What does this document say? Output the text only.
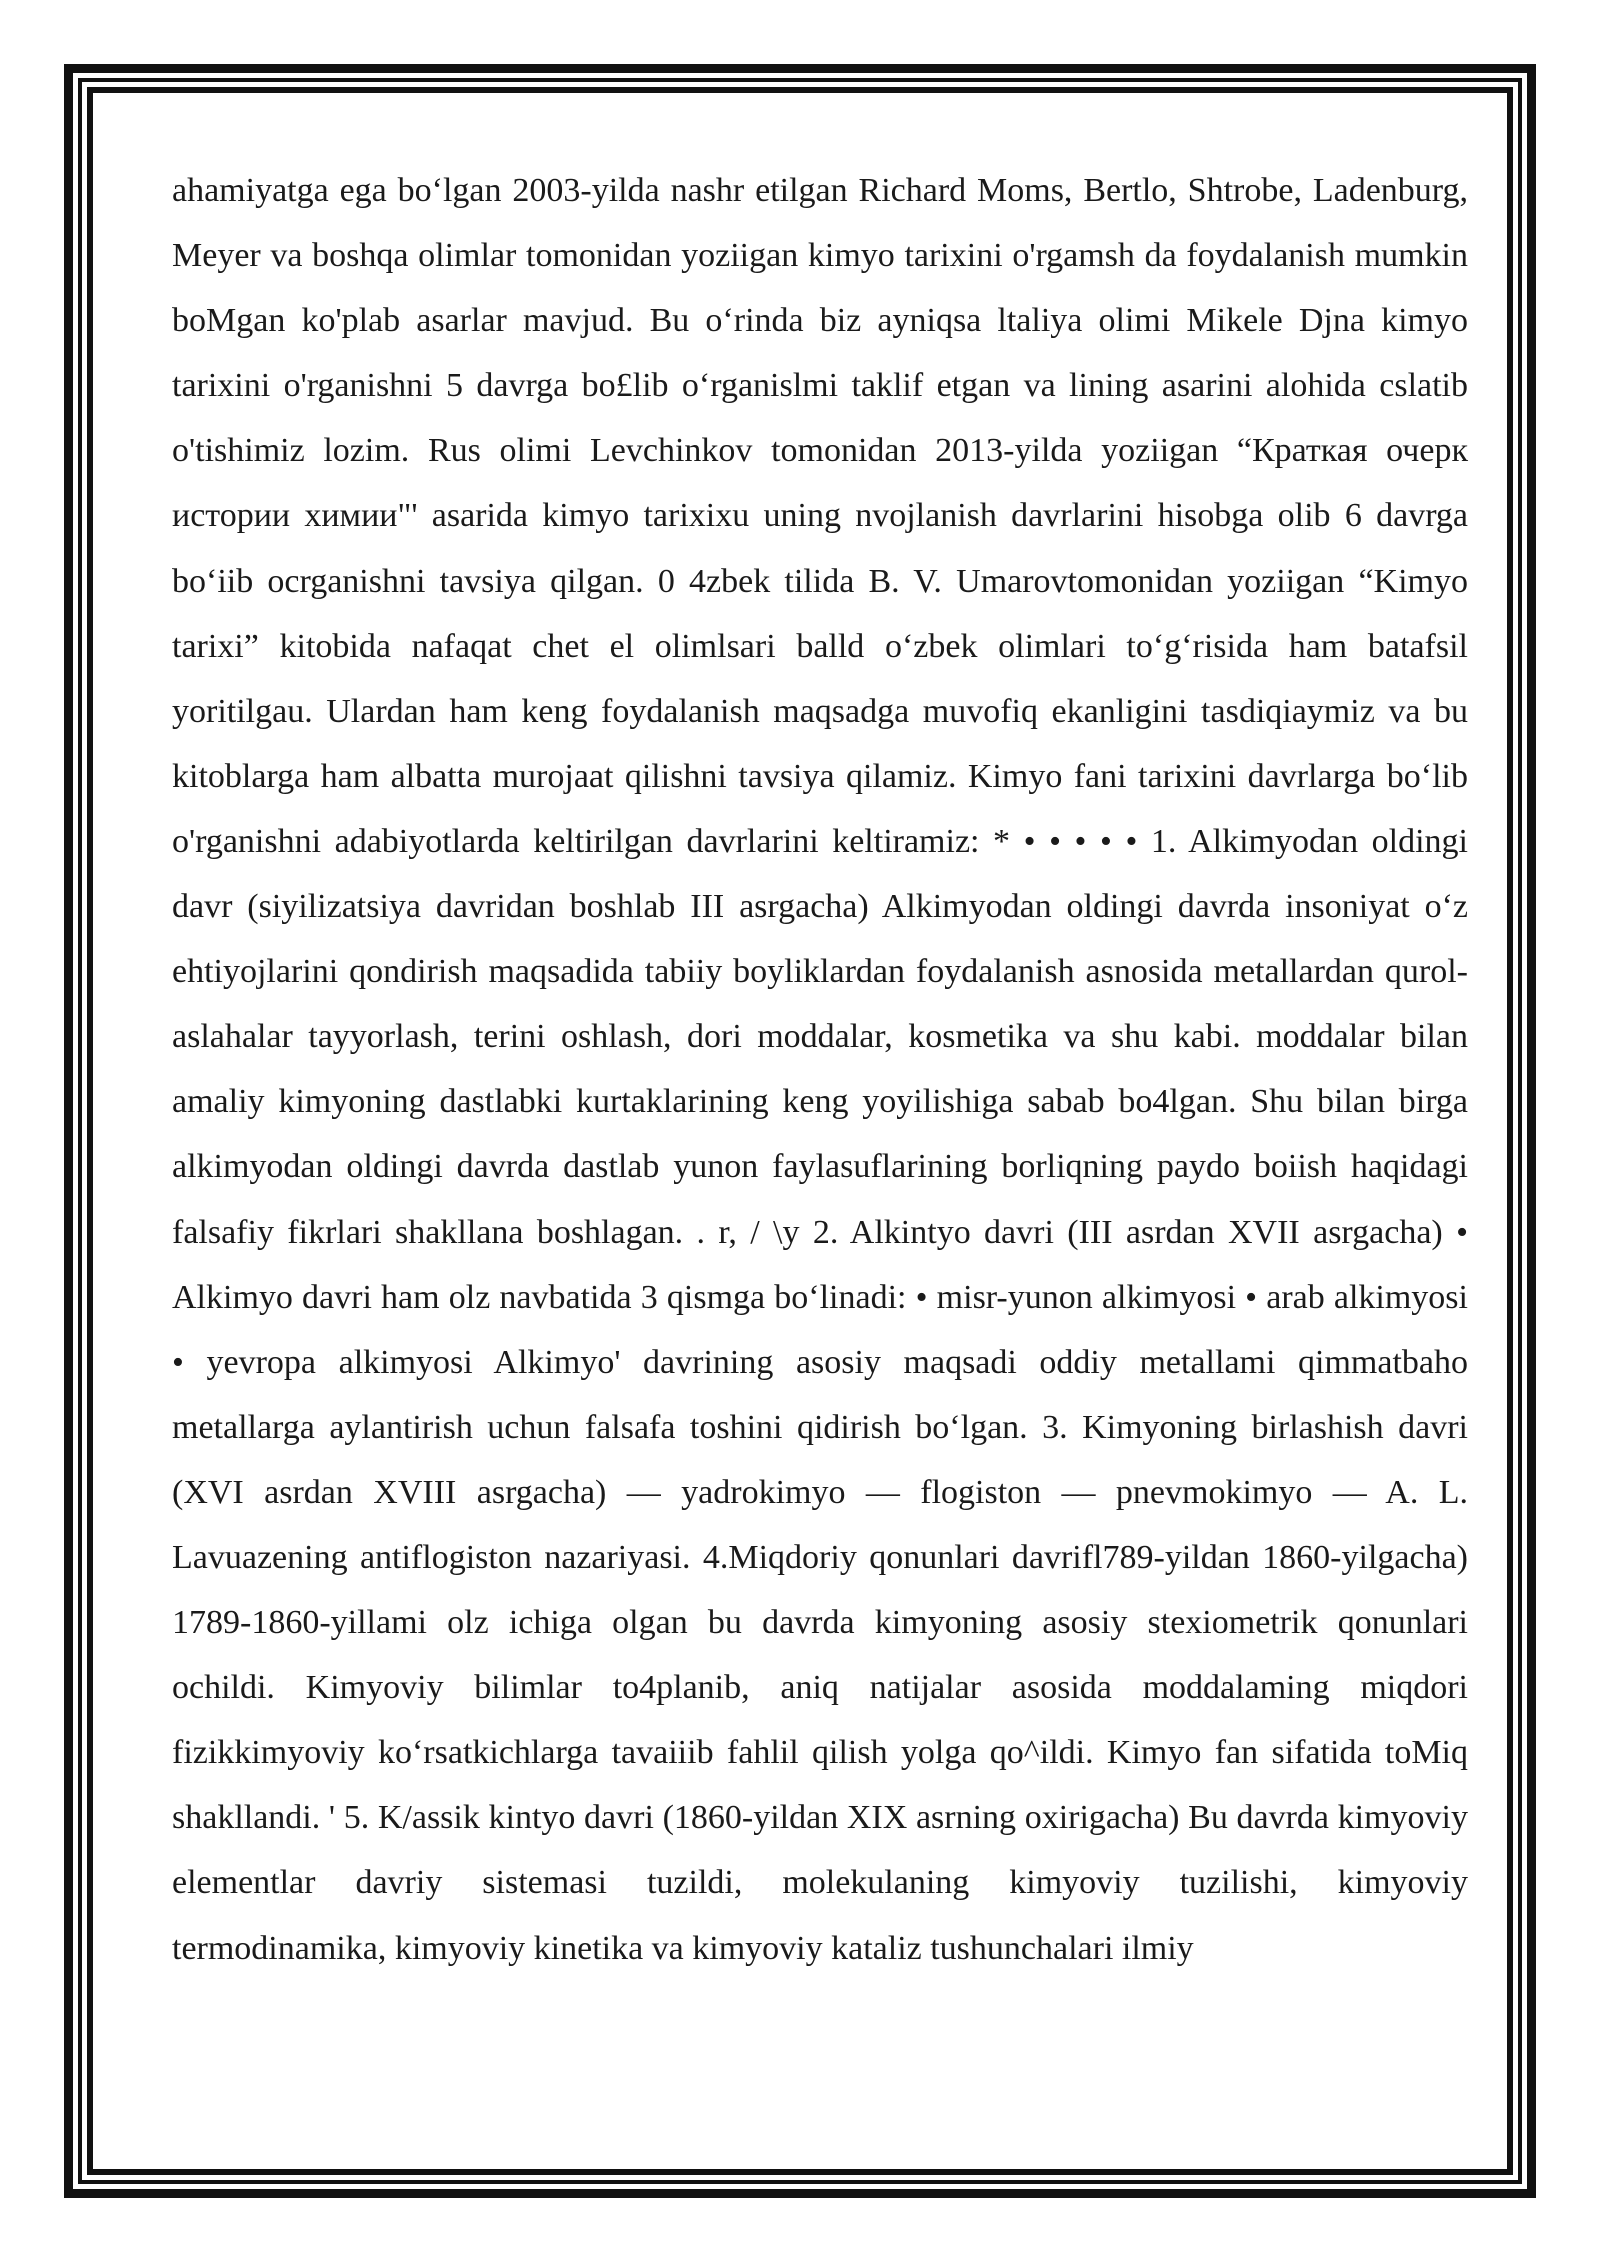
ahamiyatga ega bo‘lgan 2003-yilda nashr etilgan Richard Moms, Bertlo, Shtrobe, Ladenburg, Meyer va boshqa olimlar tomonidan yoziigan kimyo tarixini o'rgamsh da foydalanish mumkin boMgan ko'plab asarlar mavjud. Bu o‘rinda biz ayniqsa ltaliya olimi Mikele Djna kimyo tarixini o'rganishni 5 davrga bo£lib o‘rganislmi taklif etgan va lining asarini alohida cslatib o'tishimiz lozim. Rus olimi Levchinkov tomonidan 2013-yilda yoziigan “Краткая очерк истории химии"' asarida kimyo tarixixu uning nvojlanish davrlarini hisobga olib 6 davrga bo‘iib ocrganishni tavsiya qilgan. 0 4zbek tilida B. V. Umarovtomonidan yoziigan “Kimyo tarixi” kitobida nafaqat chet el olimlsari balld o‘zbek olimlari to‘g‘risida ham batafsil yoritilgau. Ulardan ham keng foydalanish maqsadga muvofiq ekanligini tasdiqiaymiz va bu kitoblarga ham albatta murojaat qilishni tavsiya qilamiz. Kimyo fani tarixini davrlarga bo‘lib o'rganishni adabiyotlarda keltirilgan davrlarini keltiramiz: * • • • • • 1. Alkimyodan oldingi davr (siyilizatsiya davridan boshlab III asrgacha) Alkimyodan oldingi davrda insoniyat o‘z ehtiyojlarini qondirish maqsadida tabiiy boyliklardan foydalanish asnosida metallardan qurol-aslahalar tayyorlash, terini oshlash, dori moddalar, kosmetika va shu kabi. moddalar bilan amaliy kimyoning dastlabki kurtaklarining keng yoyilishiga sabab bo4lgan. Shu bilan birga alkimyodan oldingi davrda dastlab yunon faylasuflarining borliqning paydo boiish haqidagi falsafiy fikrlari shakllana boshlagan. . r, / \y 2. Alkintyo davri (III asrdan XVII asrgacha) • Alkimyo davri ham olz navbatida 3 qismga bo‘linadi: • misr-yunon alkimyosi • arab alkimyosi • yevropa alkimyosi Alkimyo' davrining asosiy maqsadi oddiy metallami qimmatbaho metallarga aylantirish uchun falsafa toshini qidirish bo‘lgan. 3. Kimyoning birlashish davri (XVI asrdan XVIII asrgacha) — yadrokimyo — flogiston — pnevmokimyo — A. L. Lavuazening antiflogiston nazariyasi. 4.Miqdoriy qonunlari davrifl789-yildan 1860-yilgacha) 1789-1860-yillami olz ichiga olgan bu davrda kimyoning asosiy stexiometrik qonunlari ochildi. Kimyoviy bilimlar to4planib, aniq natijalar asosida moddalaming miqdori fizikkimyoviy ko‘rsatkichlarga tavaiiib fahlil qilish yolga qo^ildi. Kimyo fan sifatida toMiq shakllandi. ' 5. K/assik kintyo davri (1860-yildan XIX asrning oxirigacha) Bu davrda kimyoviy elementlar davriy sistemasi tuzildi, molekulaning kimyoviy tuzilishi, kimyoviy termodinamika, kimyoviy kinetika va kimyoviy kataliz tushunchalari ilmiy
